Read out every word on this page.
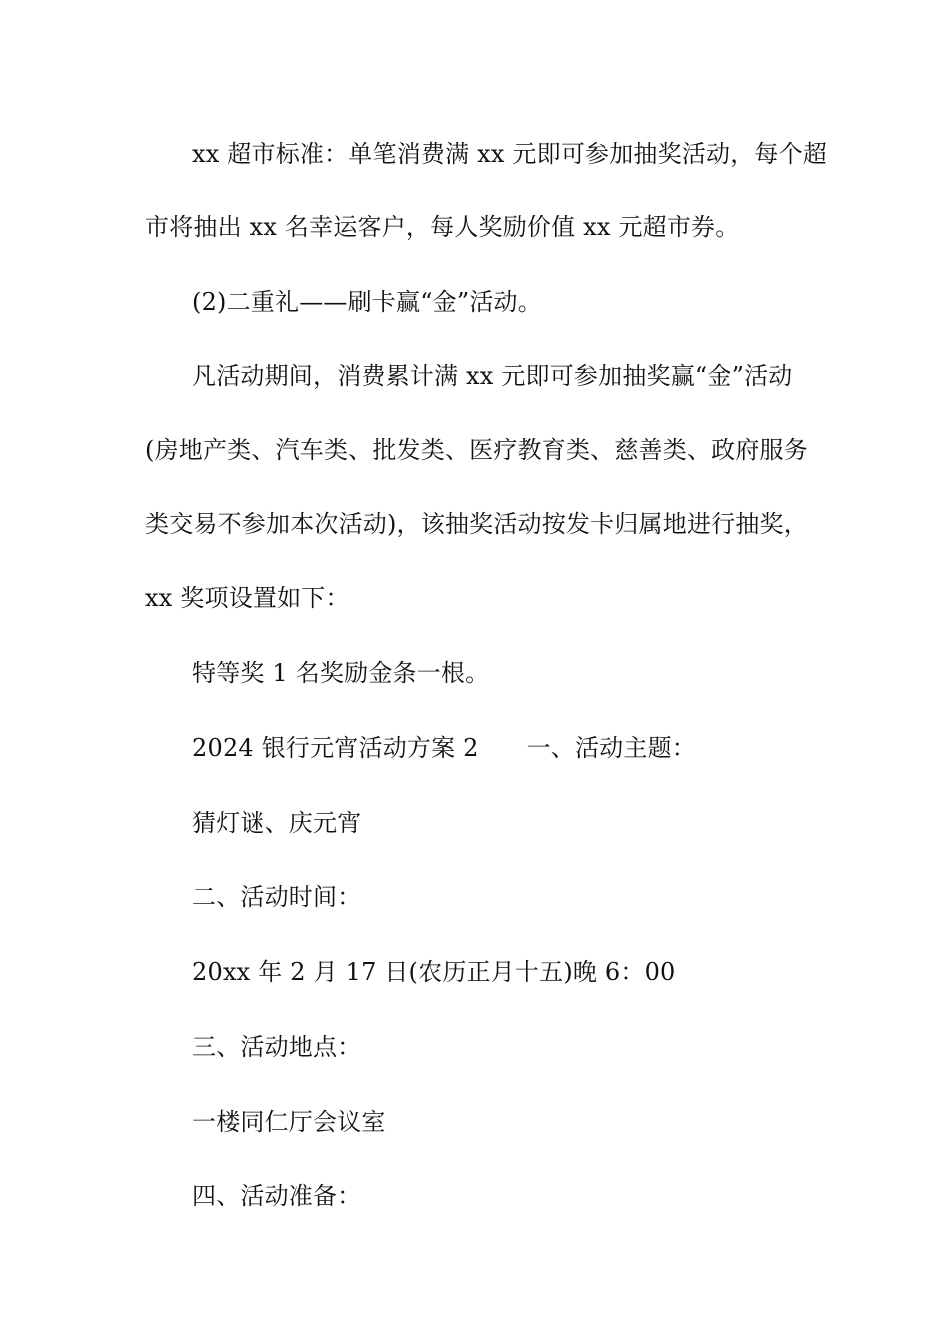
xx 超市标准：单笔消费满 xx 元即可参加抽奖活动，每个超
市将抽出 xx 名幸运客户，每人奖励价值 xx 元超市券。
(2)二重礼——刷卡赢“金”活动。
凡活动期间，消费累计满 xx 元即可参加抽奖赢“金”活动
(房地产类、汽车类、批发类、医疗教育类、慈善类、政府服务
类交易不参加本次活动)，该抽奖活动按发卡归属地进行抽奖，
xx 奖项设置如下：
特等奖 1 名奖励金条一根。
2024 银行元宵活动方案 2 一、活动主题：
猜灯谜、庆元宵
二、活动时间：
20xx 年 2 月 17 日(农历正月十五)晚 6：00
三、活动地点：
一楼同仁厅会议室
四、活动准备：
